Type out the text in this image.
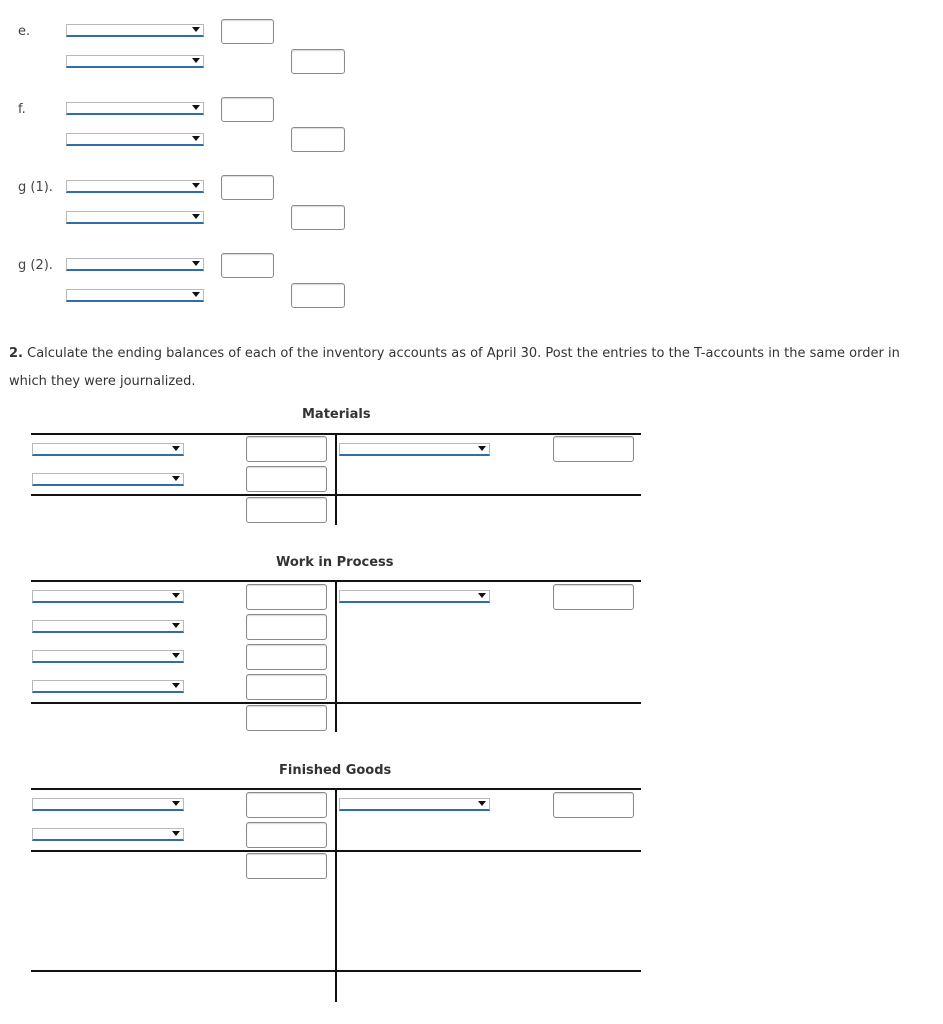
e.
f.
g (1).
g (2).
2. Calculate the ending balances of each of the inventory accounts as of April 30. Post the entries to the T-accounts in the same order in which they were journalized.
Materials
Work in Process
Finished Goods
